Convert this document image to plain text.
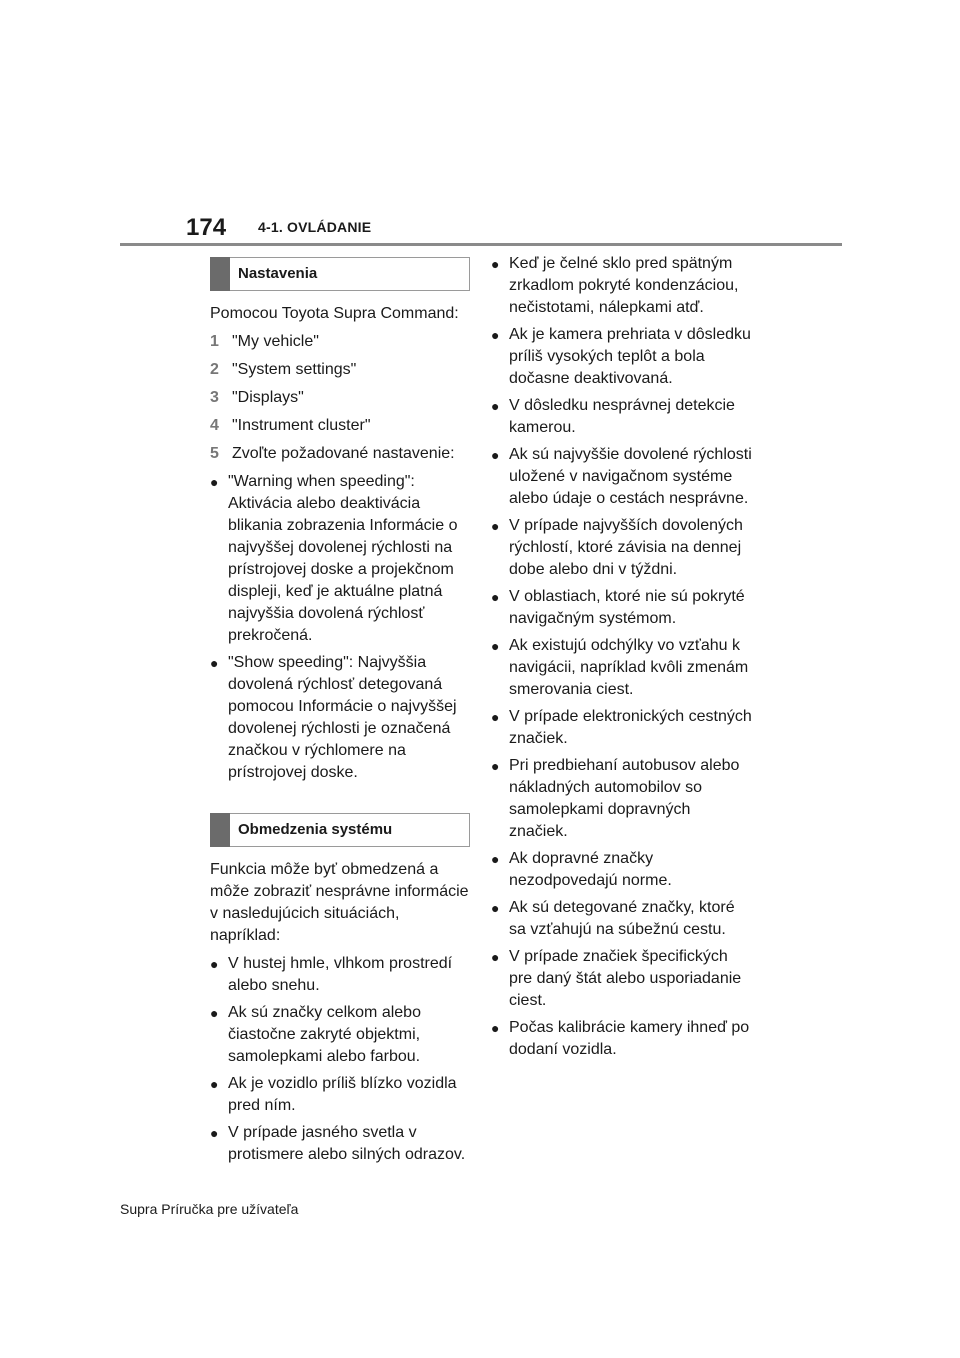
174 4-1. OVLÁDANIE
Nastavenia

Pomocou Toyota Supra Command:

1 "My vehicle"
2 "System settings"
3 "Displays"
4 "Instrument cluster"
5 Zvoľte požadované nastavenie:
● "Warning when speeding": Aktivácia alebo deaktivácia blikania zobrazenia Informácie o najvyššej dovolenej rýchlosti na prístrojovej doske a projekčnom displeji, keď je aktuálne platná najvyššia dovolená rýchlosť prekročená.
● "Show speeding": Najvyššia dovolená rýchlosť detegovaná pomocou Informácie o najvyššej dovolenej rýchlosti je označená značkou v rýchlomere na prístrojovej doske.
Obmedzenia systému

Funkcia môže byť obmedzená a môže zobraziť nesprávne informácie v nasledujúcich situáciách, napríklad:

● V hustej hmle, vlhkom prostredí alebo snehu.
● Ak sú značky celkom alebo čiastočne zakryté objektmi, samolepkami alebo farbou.
● Ak je vozidlo príliš blízko vozidla pred ním.
● V prípade jasného svetla v protismere alebo silných odrazov.
● Keď je čelné sklo pred spätným zrkadlom pokryté kondenzáciou, nečistotami, nálepkami atď.
● Ak je kamera prehriata v dôsledku príliš vysokých teplôt a bola dočasne deaktivovaná.
● V dôsledku nesprávnej detekcie kamerou.
● Ak sú najvyššie dovolené rýchlosti uložené v navigačnom systéme alebo údaje o cestách nesprávne.
● V prípade najvyšších dovolených rýchlostí, ktoré závisia na dennej dobe alebo dni v týždni.
● V oblastiach, ktoré nie sú pokryté navigačným systémom.
● Ak existujú odchýlky vo vzťahu k navigácii, napríklad kvôli zmenám smerovania ciest.
● V prípade elektronických cestných značiek.
● Pri predbiehaní autobusov alebo nákladných automobilov so samolepkami dopravných značiek.
● Ak dopravné značky nezodpovedajú norme.
● Ak sú detegované značky, ktoré sa vzťahujú na súbežnú cestu.
● V prípade značiek špecifických pre daný štát alebo usporiadanie ciest.
● Počas kalibrácie kamery ihneď po dodaní vozidla.
Supra Príručka pre užívateľa
